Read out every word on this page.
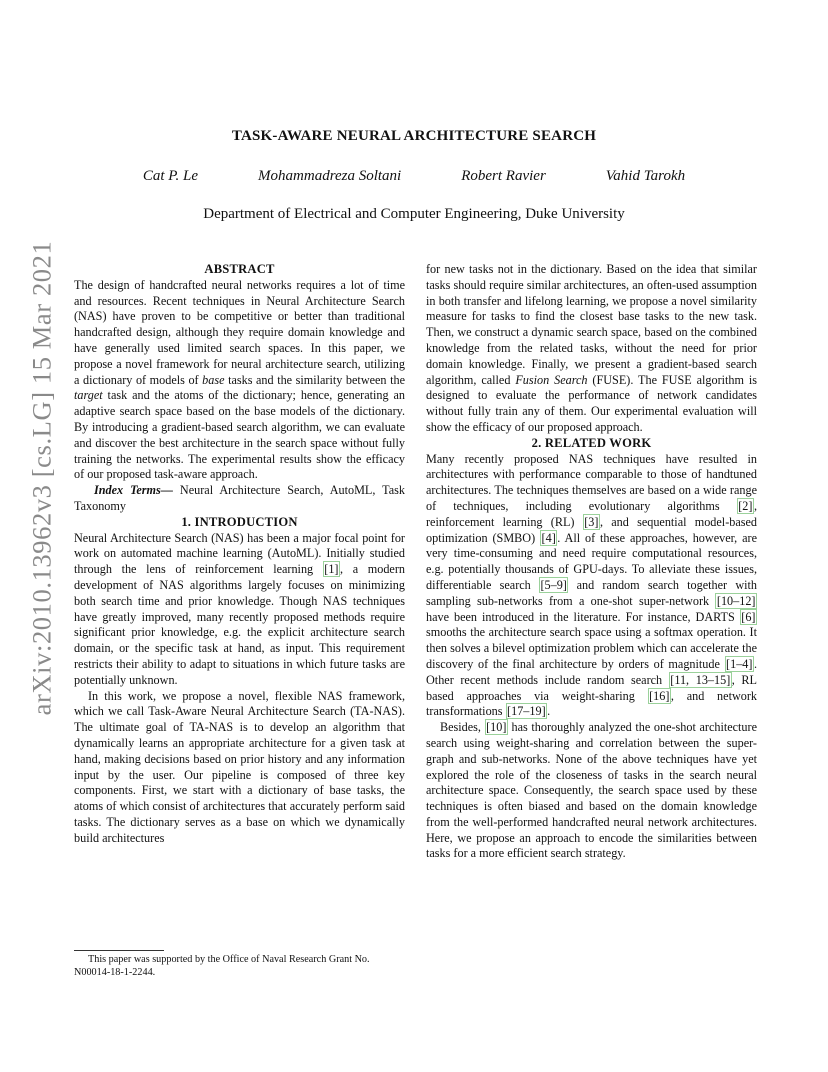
arXiv:2010.13962v3 [cs.LG] 15 Mar 2021
TASK-AWARE NEURAL ARCHITECTURE SEARCH
Cat P. Le	Mohammadreza Soltani	Robert Ravier	Vahid Tarokh
Department of Electrical and Computer Engineering, Duke University

ABSTRACT

The design of handcrafted neural networks requires a lot of time and resources. Recent techniques in Neural Architecture Search (NAS) have proven to be competitive or better than traditional handcrafted design, although they require domain knowledge and have generally used limited search spaces. In this paper, we propose a novel framework for neural architecture search, utilizing a dictionary of models of base tasks and the similarity between the target task and the atoms of the dictionary; hence, generating an adaptive search space based on the base models of the dictionary. By introducing a gradient-based search algorithm, we can evaluate and discover the best architecture in the search space without fully training the networks. The experimental results show the efficacy of our proposed task-aware approach.

Index Terms— Neural Architecture Search, AutoML, Task Taxonomy

1. INTRODUCTION

Neural Architecture Search (NAS) has been a major focal point for work on automated machine learning (AutoML). Initially studied through the lens of reinforcement learning [1] , a modern development of NAS algorithms largely focuses on minimizing both search time and prior knowledge. Though NAS techniques have greatly improved, many recently proposed methods require significant prior knowledge, e.g. the explicit architecture search domain, or the specific task at hand, as input. This requirement restricts their ability to adapt to situations in which future tasks are potentially unknown.

In this work, we propose a novel, flexible NAS framework, which we call Task-Aware Neural Architecture Search (TA-NAS). The ultimate goal of TA-NAS is to develop an algorithm that dynamically learns an appropriate architecture for a given task at hand, making decisions based on prior history and any information input by the user. Our pipeline is composed of three key components. First, we start with a dictionary of base tasks, the atoms of which consist of architectures that accurately perform said tasks. The dictionary serves as a base on which we dynamically build architectures

for new tasks not in the dictionary. Based on the idea that similar tasks should require similar architectures, an often-used assumption in both transfer and lifelong learning, we propose a novel similarity measure for tasks to find the closest base tasks to the new task. Then, we construct a dynamic search space, based on the combined knowledge from the related tasks, without the need for prior domain knowledge. Finally, we present a gradient-based search algorithm, called Fusion Search (FUSE). The FUSE algorithm is designed to evaluate the performance of network candidates without fully train any of them. Our experimental evaluation will show the efficacy of our proposed approach.

2. RELATED WORK

Many recently proposed NAS techniques have resulted in architectures with performance comparable to those of handtuned architectures. The techniques themselves are based on a wide range of techniques, including evolutionary algorithms [2] , reinforcement learning (RL) [3] , and sequential model-based optimization (SMBO) [4] . All of these approaches, however, are very time-consuming and need require computational resources, e.g. potentially thousands of GPU-days. To alleviate these issues, differentiable search [5–9] and random search together with sampling sub-networks from a one-shot super-network [10–12] have been introduced in the literature. For instance, DARTS [6] smooths the architecture search space using a softmax operation. It then solves a bilevel optimization problem which can accelerate the discovery of the final architecture by orders of magnitude [1–4] . Other recent methods include random search [11, 13–15] , RL based approaches via weight-sharing [16] , and network transformations [17–19] .

Besides, [10] has thoroughly analyzed the one-shot architecture search using weight-sharing and correlation between the super-graph and sub-networks. None of the above techniques have yet explored the role of the closeness of tasks in the search neural architecture space. Consequently, the search space used by these techniques is often biased and based on the domain knowledge from the well-performed handcrafted neural network architectures. Here, we propose an approach to encode the similarities between tasks for a more efficient search strategy.

This paper was supported by the Office of Naval Research Grant No. N00014-18-1-2244.
